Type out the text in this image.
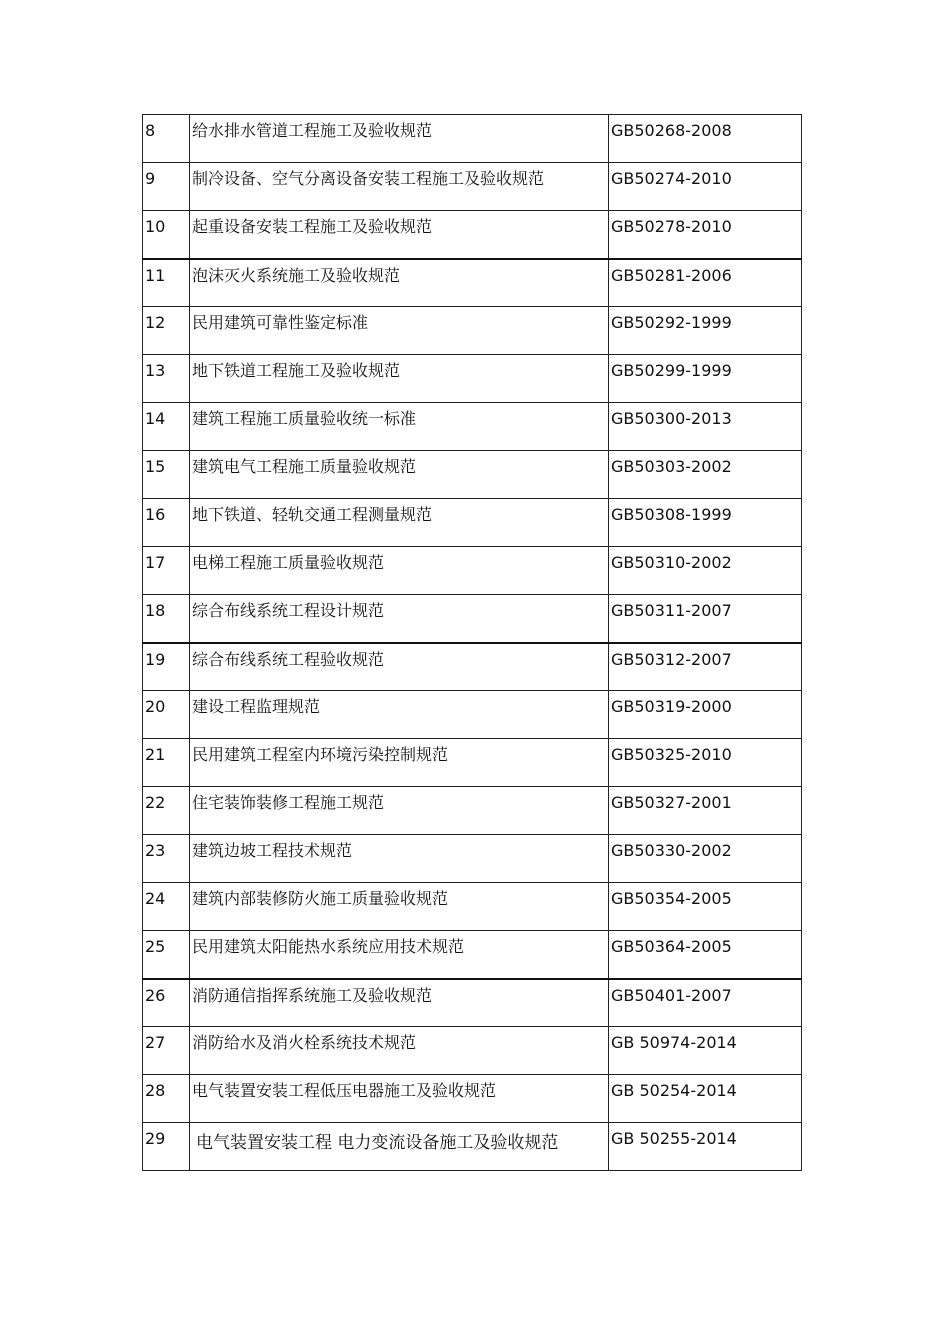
8	给水排水管道工程施工及验收规范	GB50268-2008
9	制冷设备、空气分离设备安装工程施工及验收规范	GB50274-2010
10	起重设备安装工程施工及验收规范	GB50278-2010
11	泡沫灭火系统施工及验收规范	GB50281-2006
12	民用建筑可靠性鉴定标准	GB50292-1999
13	地下铁道工程施工及验收规范	GB50299-1999
14	建筑工程施工质量验收统一标准	GB50300-2013
15	建筑电气工程施工质量验收规范	GB50303-2002
16	地下铁道、轻轨交通工程测量规范	GB50308-1999
17	电梯工程施工质量验收规范	GB50310-2002
18	综合布线系统工程设计规范	GB50311-2007
19	综合布线系统工程验收规范	GB50312-2007
20	建设工程监理规范	GB50319-2000
21	民用建筑工程室内环境污染控制规范	GB50325-2010
22	住宅装饰装修工程施工规范	GB50327-2001
23	建筑边坡工程技术规范	GB50330-2002
24	建筑内部装修防火施工质量验收规范	GB50354-2005
25	民用建筑太阳能热水系统应用技术规范	GB50364-2005
26	消防通信指挥系统施工及验收规范	GB50401-2007
27	消防给水及消火栓系统技术规范	GB 50974-2014
28	电气装置安装工程低压电器施工及验收规范	GB 50254-2014
29	电气装置安装工程 电力变流设备施工及验收规范	GB 50255-2014
